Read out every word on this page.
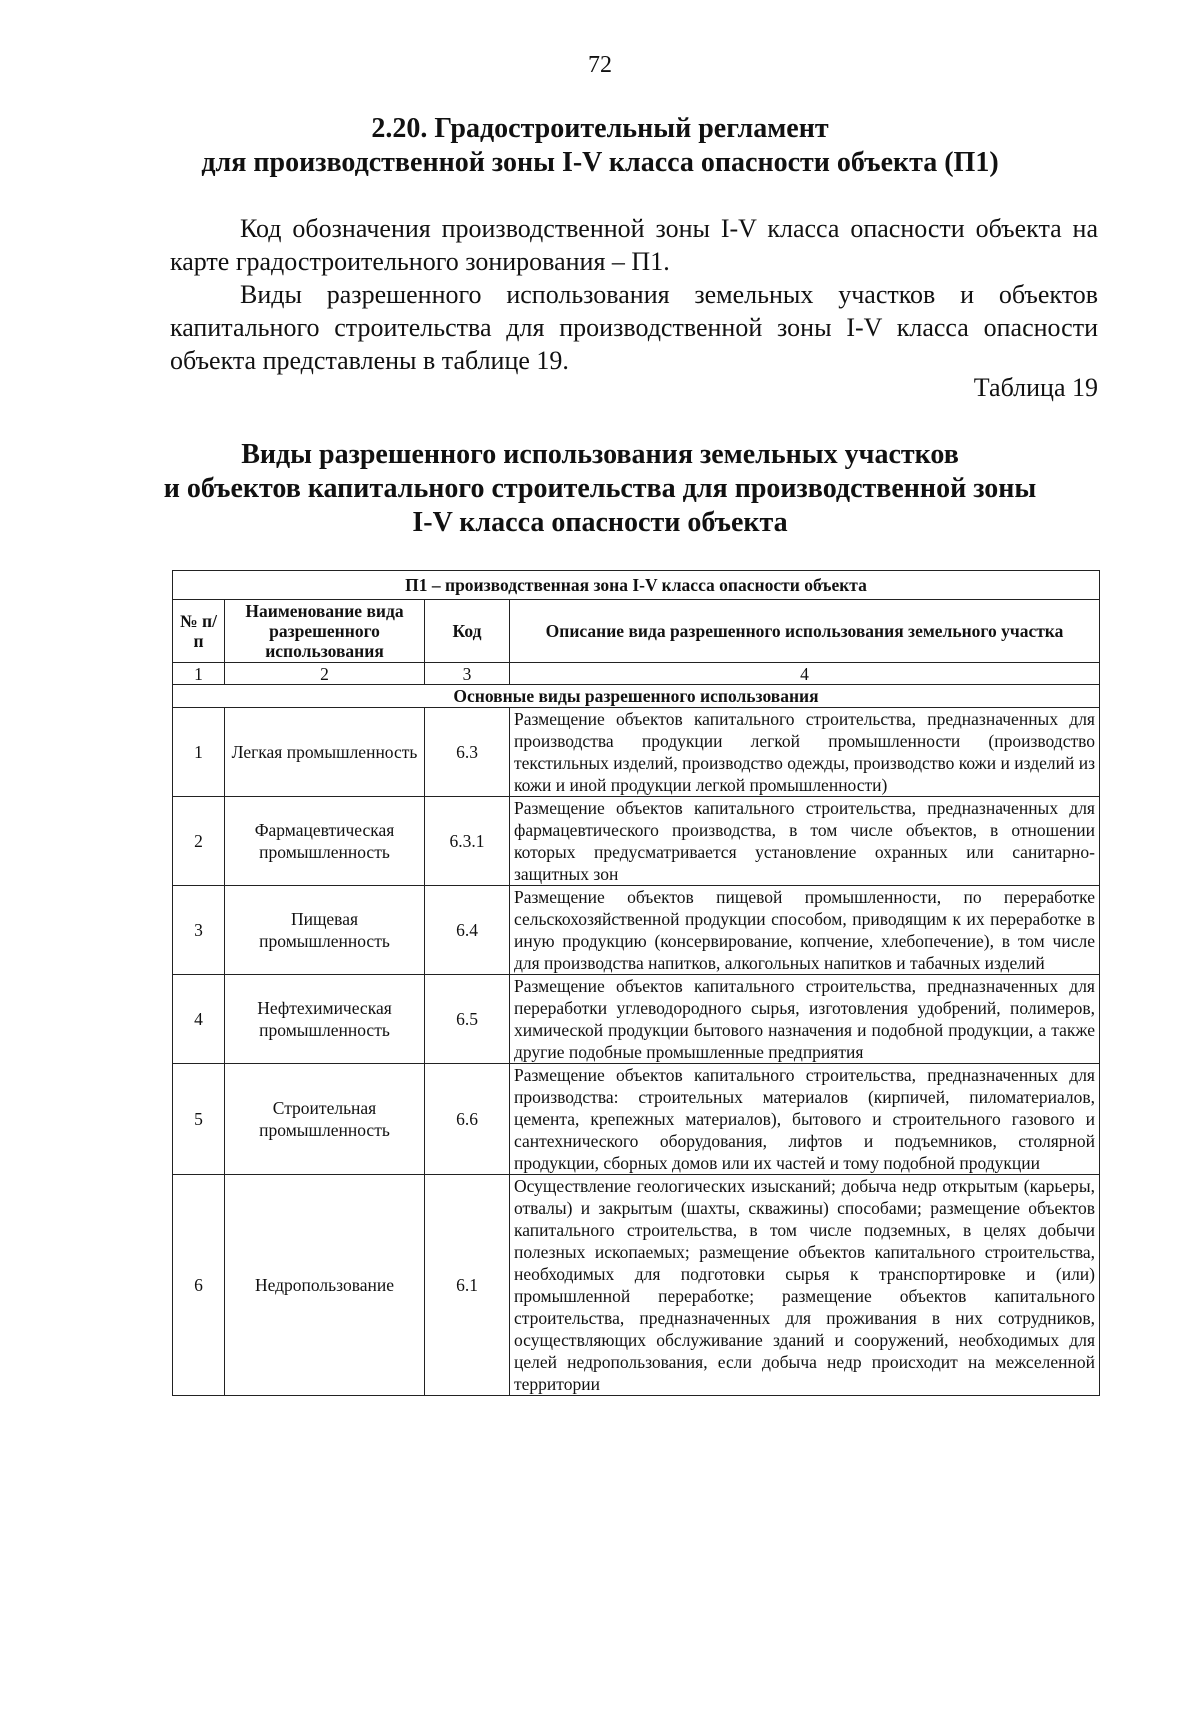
72
2.20. Градостроительный регламент
для производственной зоны I-V класса опасности объекта (П1)

Код обозначения производственной зоны I-V класса опасности объекта на карте градостроительного зонирования – П1.

Виды разрешенного использования земельных участков и объектов капитального строительства для производственной зоны I-V класса опасности объекта представлены в таблице 19.

Таблица 19
Виды разрешенного использования земельных участков
и объектов капитального строительства для производственной зоны
I-V класса опасности объекта
П1 – производственная зона I-V класса опасности объекта			
№ п/п	Наименование вида разрешенного использования	Код	Описание вида разрешенного использования земельного участка
1	2	3	4
Основные виды разрешенного использования			
1	Легкая промышленность	6.3	Размещение объектов капитального строительства, предназначенных для производства продукции легкой промышленности (производство текстильных изделий, производство одежды, производство кожи и изделий из кожи и иной продукции легкой промышленности)
2	Фармацевтическая промышленность	6.3.1	Размещение объектов капитального строительства, предназначенных для фармацевтического производства, в том числе объектов, в отношении которых предусматривается установление охранных или санитарно-защитных зон
3	Пищевая промышленность	6.4	Размещение объектов пищевой промышленности, по переработке сельскохозяйственной продукции способом, приводящим к их переработке в иную продукцию (консервирование, копчение, хлебопечение), в том числе для производства напитков, алкогольных напитков и табачных изделий
4	Нефтехимическая промышленность	6.5	Размещение объектов капитального строительства, предназначенных для переработки углеводородного сырья, изготовления удобрений, полимеров, химической продукции бытового назначения и подобной продукции, а также другие подобные промышленные предприятия
5	Строительная промышленность	6.6	Размещение объектов капитального строительства, предназначенных для производства: строительных материалов (кирпичей, пиломатериалов, цемента, крепежных материалов), бытового и строительного газового и сантехнического оборудования, лифтов и подъемников, столярной продукции, сборных домов или их частей и тому подобной продукции
6	Недропользование	6.1	Осуществление геологических изысканий; добыча недр открытым (карьеры, отвалы) и закрытым (шахты, скважины) способами; размещение объектов капитального строительства, в том числе подземных, в целях добычи полезных ископаемых; размещение объектов капитального строительства, необходимых для подготовки сырья к транспортировке и (или) промышленной переработке; размещение объектов капитального строительства, предназначенных для проживания в них сотрудников, осуществляющих обслуживание зданий и сооружений, необходимых для целей недропользования, если добыча недр происходит на межселенной территории
